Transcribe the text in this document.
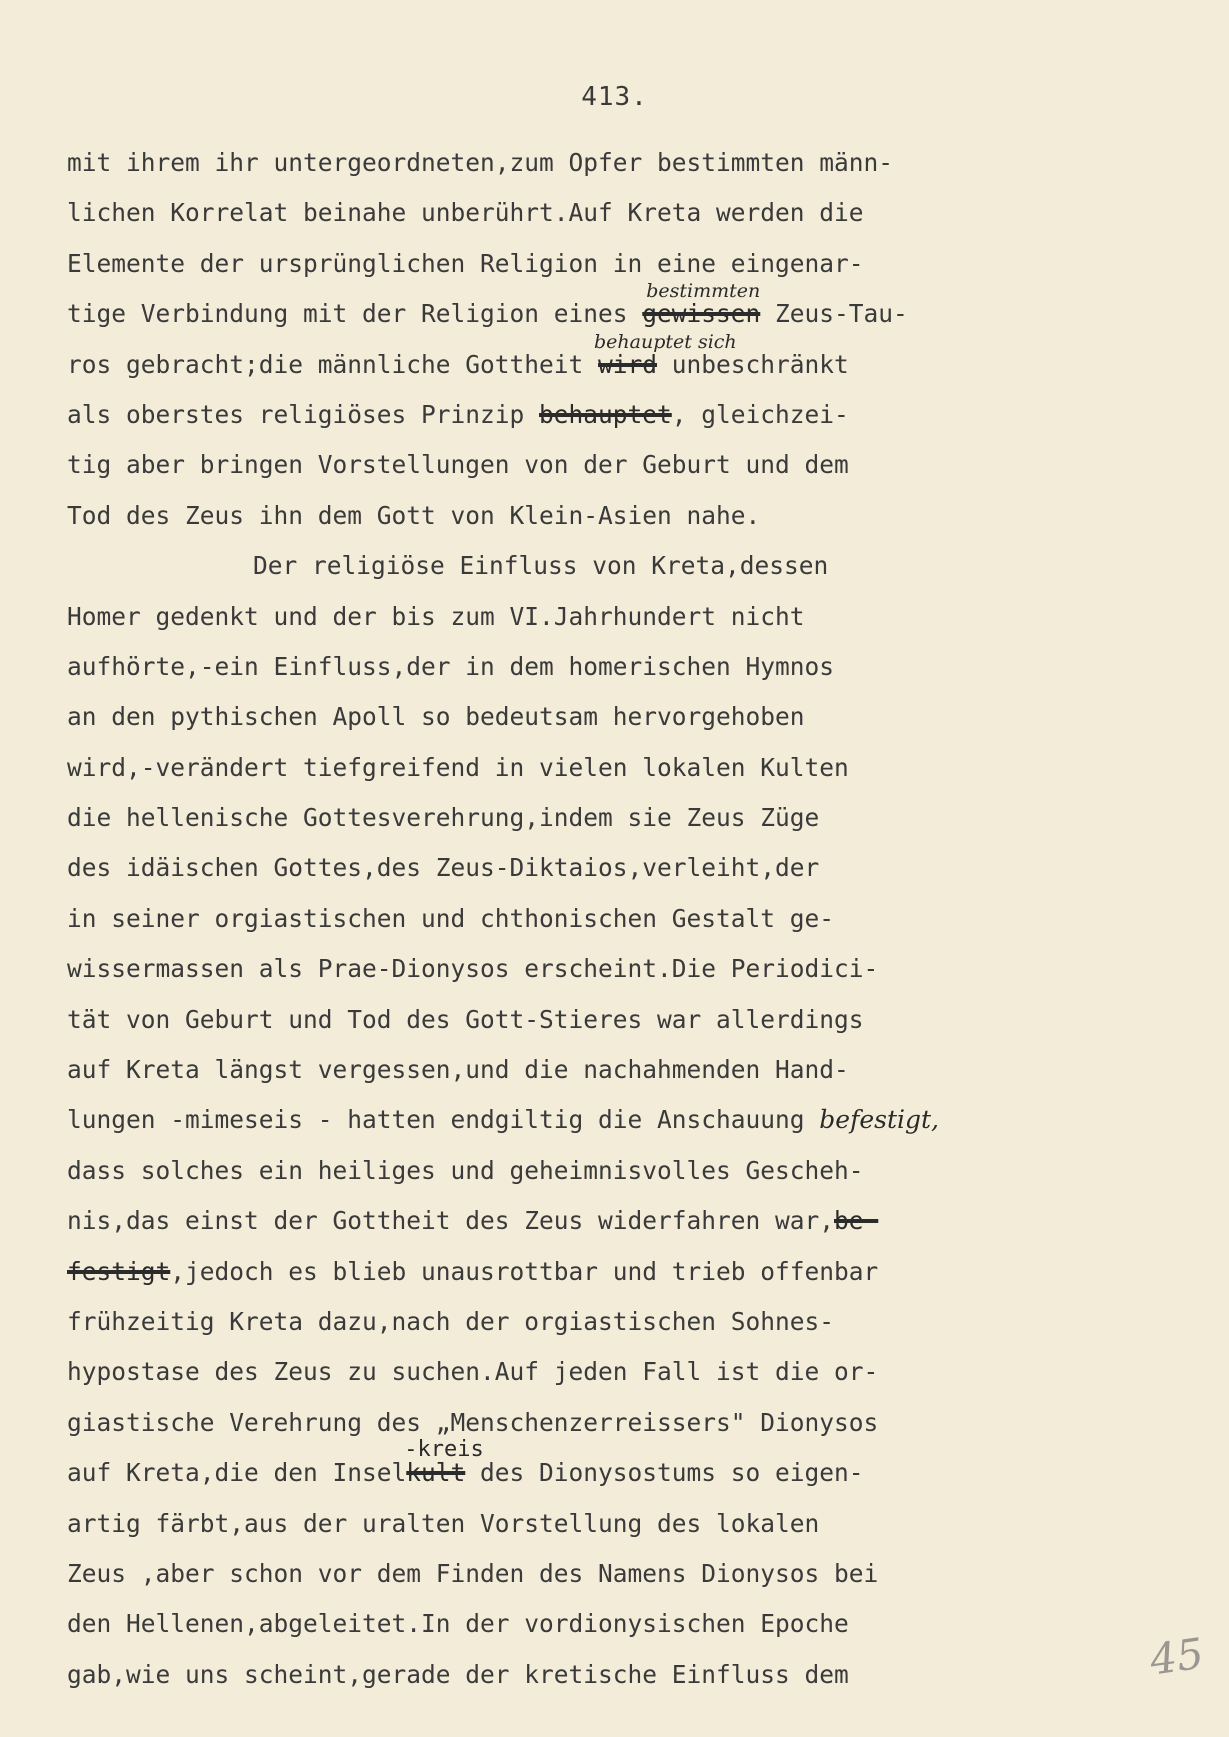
413.
mit ihrem ihr untergeordneten,zum Opfer bestimmten männ-
lichen Korrelat beinahe unberührt.Auf Kreta werden die
Elemente der ursprünglichen Religion in eine eingenar-
tige Verbindung mit der Religion eines
bestimmten
gewissen Zeus-Tau-
ros gebracht;die männliche Gottheit
behauptet sich
wird unbeschränkt
als oberstes religiöses Prinzip behauptet, gleichzei-
tig aber bringen Vorstellungen von der Geburt und dem
Tod des Zeus ihn dem Gott von Klein-Asien nahe.
Der religiöse Einfluss von Kreta,dessen
Homer gedenkt und der bis zum VI.Jahrhundert nicht
aufhörte,-ein Einfluss,der in dem homerischen Hymnos
an den pythischen Apoll so bedeutsam hervorgehoben
wird,-verändert tiefgreifend in vielen lokalen Kulten
die hellenische Gottesverehrung,indem sie Zeus Züge
des idäischen Gottes,des Zeus-Diktaios,verleiht,der
in seiner orgiastischen und chthonischen Gestalt ge-
wissermassen als Prae-Dionysos erscheint.Die Periodici-
tät von Geburt und Tod des Gott-Stieres war allerdings
auf Kreta längst vergessen,und die nachahmenden Hand-
lungen -mimeseis - hatten endgiltig die Anschauung befestigt,
dass solches ein heiliges und geheimnisvolles Gescheh-
nis,das einst der Gottheit des Zeus widerfahren war,be-
festigt,jedoch es blieb unausrottbar und trieb offenbar
frühzeitig Kreta dazu,nach der orgiastischen Sohnes-
hypostase des Zeus zu suchen.Auf jeden Fall ist die or-
giastische Verehrung des „Menschenzerreissers" Dionysos
auf Kreta,die den Insel
-kreis
kult des Dionysostums so eigen-
artig färbt,aus der uralten Vorstellung des lokalen
Zeus ,aber schon vor dem Finden des Namens Dionysos bei
den Hellenen,abgeleitet.In der vordionysischen Epoche
gab,wie uns scheint,gerade der kretische Einfluss dem	45
